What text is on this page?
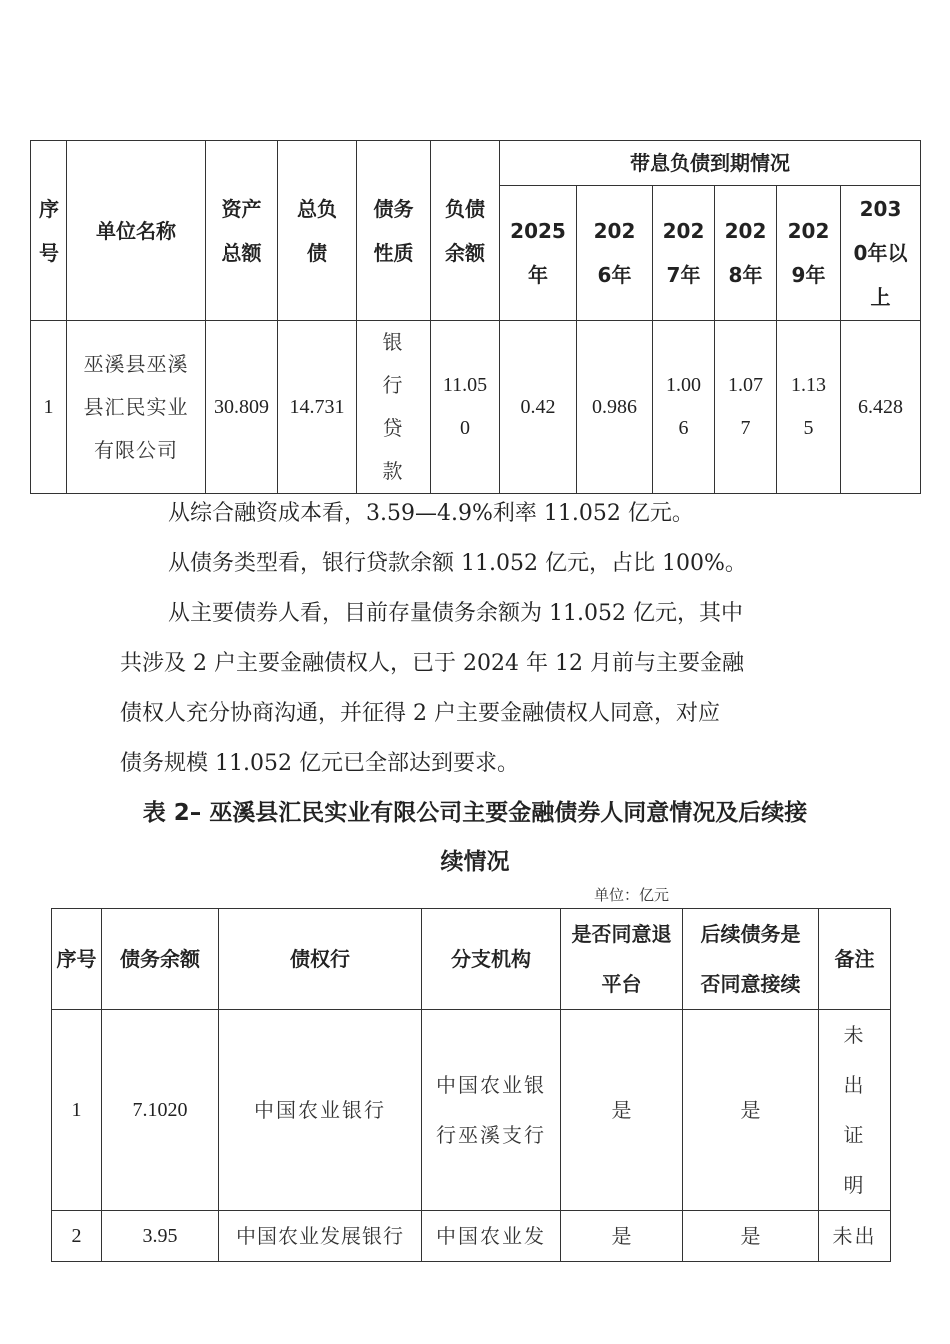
序号	单位名称	资产总额	总负债	债务性质	负债余额	带息负债到期情况					
						2025年	2026年	2027年	2028年	2029年	2030年以上
1	巫溪县巫溪县汇民实业有限公司	30.809	14.731	银行贷款	11.050	0.42	0.986	1.006	1.077	1.135	6.428
从综合融资成本看，3.59—4.9%利率 11.052 亿元。
从债务类型看，银行贷款余额 11.052 亿元，占比 100%。
从主要债券人看，目前存量债务余额为 11.052 亿元，其中
共涉及 2 户主要金融债权人，已于 2024 年 12 月前与主要金融
债权人充分协商沟通，并征得 2 户主要金融债权人同意，对应
债务规模 11.052 亿元已全部达到要求。
表 2– 巫溪县汇民实业有限公司主要金融债券人同意情况及后续接
续情况
单位：亿元
序号	债务余额	债权行	分支机构	是否同意退平台	后续债务是否同意接续	备注
1	7.1020	中国农业银行	中国农业银行巫溪支行	是	是	未出证明
2	3.95	中国农业发展银行	中国农业发	是	是	未出
